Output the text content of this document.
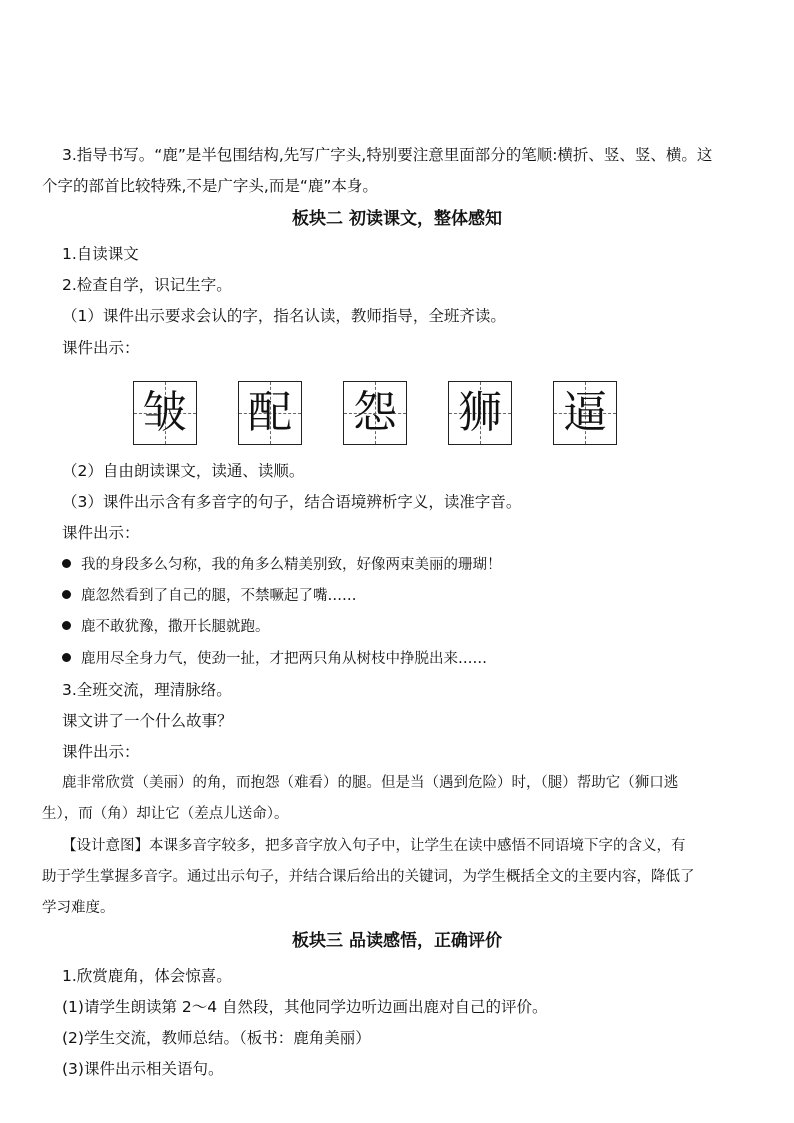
3.指导书写。“鹿”是半包围结构,先写广字头,特别要注意里面部分的笔顺:横折、竖、竖、横。这
个字的部首比较特殊,不是广字头,而是“鹿”本身。
板块二 初读课文，整体感知
1.自读课文
2.检查自学，识记生字。
（1）课件出示要求会认的字，指名认读，教师指导，全班齐读。
课件出示：
皱 配 怨 狮 逼
（2）自由朗读课文，读通、读顺。
（3）课件出示含有多音字的句子，结合语境辨析字义，读准字音。
课件出示：
我的身段多么匀称，我的角多么精美别致，好像两束美丽的珊瑚！
鹿忽然看到了自己的腿，不禁噘起了嘴……
鹿不敢犹豫，撒开长腿就跑。
鹿用尽全身力气，使劲一扯，才把两只角从树枝中挣脱出来……
3.全班交流，理清脉络。
课文讲了一个什么故事？
课件出示：
鹿非常欣赏（美丽）的角，而抱怨（难看）的腿。但是当（遇到危险）时，（腿）帮助它（狮口逃
生），而（角）却让它（差点儿送命）。
【设计意图】本课多音字较多，把多音字放入句子中，让学生在读中感悟不同语境下字的含义，有
助于学生掌握多音字。通过出示句子，并结合课后给出的关键词，为学生概括全文的主要内容，降低了
学习难度。
板块三 品读感悟，正确评价
1.欣赏鹿角，体会惊喜。
(1)请学生朗读第 2～4 自然段，其他同学边听边画出鹿对自己的评价。
(2)学生交流，教师总结。（板书：鹿角美丽）
(3)课件出示相关语句。
